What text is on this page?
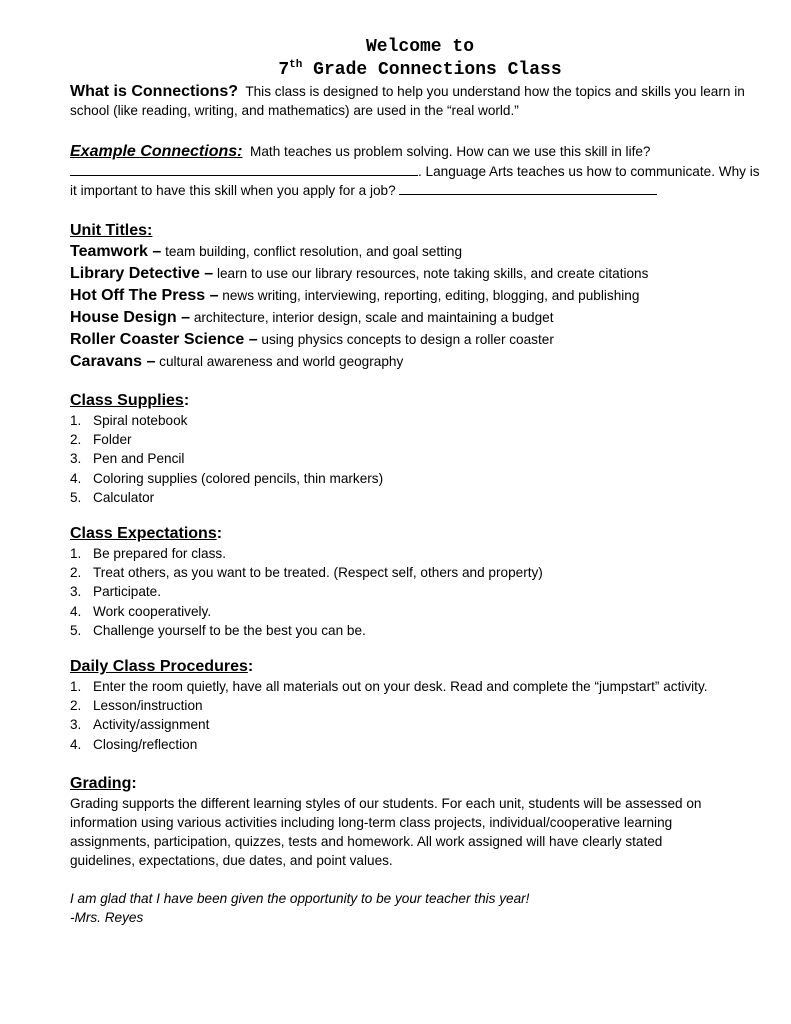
Welcome to
7th Grade Connections Class
What is Connections? This class is designed to help you understand how the topics and skills you learn in school (like reading, writing, and mathematics) are used in the “real world.”
Example Connections: Math teaches us problem solving. How can we use this skill in life?
. Language Arts teaches us how to communicate. Why is it important to have this skill when you apply for a job?
Unit Titles:
Teamwork – team building, conflict resolution, and goal setting
Library Detective – learn to use our library resources, note taking skills, and create citations
Hot Off The Press – news writing, interviewing, reporting, editing, blogging, and publishing
House Design – architecture, interior design, scale and maintaining a budget
Roller Coaster Science – using physics concepts to design a roller coaster
Caravans – cultural awareness and world geography
Class Supplies:
1. Spiral notebook
2. Folder
3. Pen and Pencil
4. Coloring supplies (colored pencils, thin markers)
5. Calculator
Class Expectations:
1. Be prepared for class.
2. Treat others, as you want to be treated. (Respect self, others and property)
3. Participate.
4. Work cooperatively.
5. Challenge yourself to be the best you can be.
Daily Class Procedures:
1. Enter the room quietly, have all materials out on your desk. Read and complete the “jumpstart” activity.
2. Lesson/instruction
3. Activity/assignment
4. Closing/reflection
Grading:
Grading supports the different learning styles of our students. For each unit, students will be assessed on information using various activities including long-term class projects, individual/cooperative learning assignments, participation, quizzes, tests and homework. All work assigned will have clearly stated guidelines, expectations, due dates, and point values.
I am glad that I have been given the opportunity to be your teacher this year!
-Mrs. Reyes
